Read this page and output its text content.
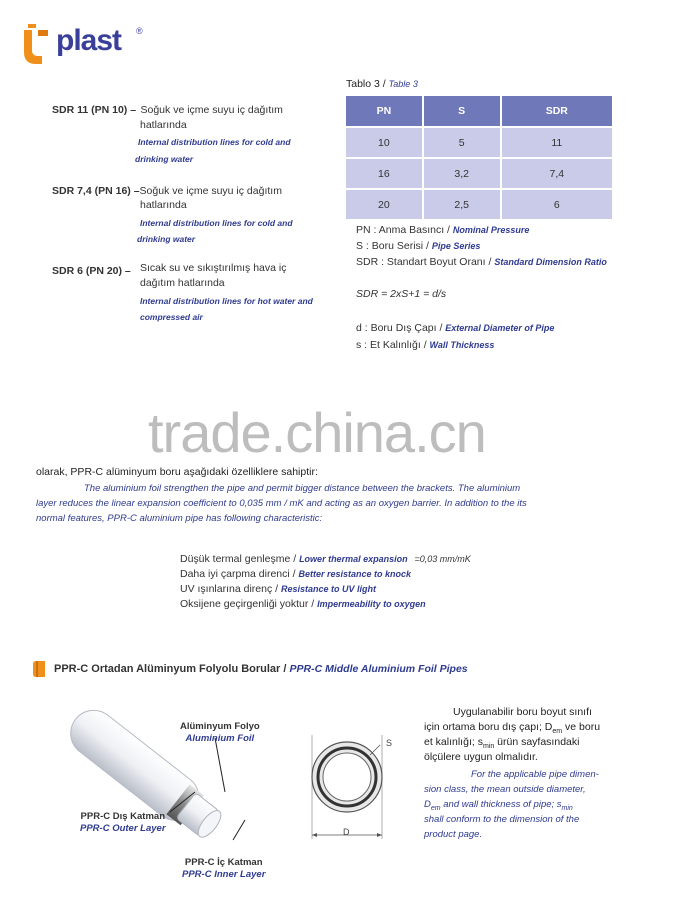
plast ®
SDR 11 (PN 10) – Soğuk ve içme suyu iç dağıtım
hatlarında
Internal distribution lines for cold and
drinking water
SDR 7,4 (PN 16) –Soğuk ve içme suyu iç dağıtım
hatlarında
Internal distribution lines for cold and
drinking water
SDR 6 (PN 20) – Sıcak su ve sıkıştırılmış hava iç
dağıtım hatlarında
Internal distribution lines for hot water and
compressed air
Tablo 3 / Table 3
PN	S	SDR
10	5	11
16	3,2	7,4
20	2,5	6
PN : Anma Basıncı / Nominal Pressure
S : Boru Serisi / Pipe Series
SDR : Standart Boyut Oranı / Standard Dimension Ratio
SDR = 2xS+1 = d/s
d : Boru Dış Çapı / External Diameter of Pipe
s : Et Kalınlığı / Wall Thickness
trade.china.cn
olarak, PPR-C alüminyum boru aşağıdaki özelliklere sahiptir:
The aluminium foil strengthen the pipe and permit bigger distance between the brackets. The aluminium
layer reduces the linear expansion coefficient to 0,035 mm / mK and acting as an oxygen barrier. In addition to the its
normal features, PPR-C aluminium pipe has following characteristic:
Düşük termal genleşme / Lower thermal expansion =0,03 mm/mK
Daha iyi çarpma direnci / Better resistance to knock
UV ışınlarına direnç / Resistance to UV light
Oksijene geçirgenliği yoktur / Impermeability to oxygen
PPR-C Ortadan Alüminyum Folyolu Borular / PPR-C Middle Aluminium Foil Pipes
Alüminyum Folyo
Aluminium Foil
PPR-C Dış Katman
PPR-C Outer Layer
PPR-C İç Katman
PPR-C Inner Layer
S
D
Uygulanabilir boru boyut sınıfı
için ortama boru dış çapı; $D_{em}$ ve boru
et kalınlığı; $s_{min}$ ürün sayfasındaki
ölçülere uygun olmalıdır.
For the applicable pipe dimen-
sion class, the mean outside diameter,
$D_{em}$ and wall thickness of pipe; $s_{min}$
shall conform to the dimension of the
product page.
